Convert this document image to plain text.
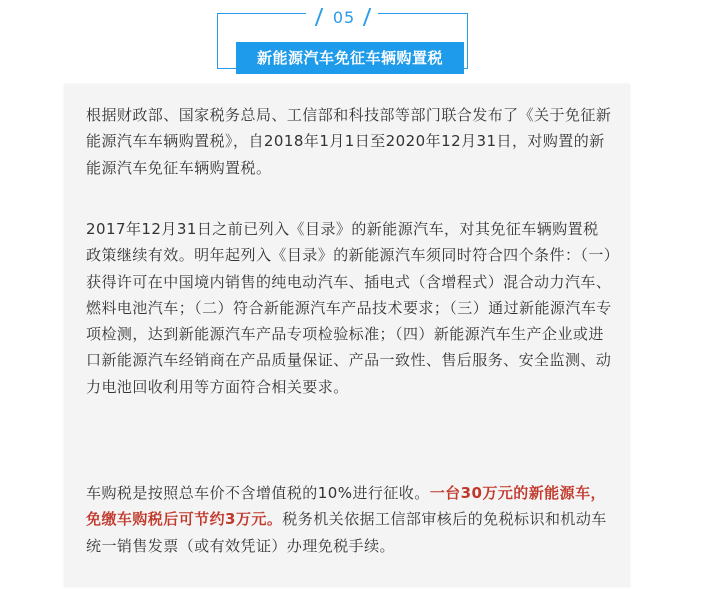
05
新能源汽车免征车辆购置税

根据财政部、国家税务总局、工信部和科技部等部门联合发布了《关于免征新能源汽车车辆购置税》，自2018年1月1日至2020年12月31日，对购置的新能源汽车免征车辆购置税。

2017年12月31日之前已列入《目录》的新能源汽车，对其免征车辆购置税政策继续有效。明年起列入《目录》的新能源汽车须同时符合四个条件：（一）获得许可在中国境内销售的纯电动汽车、插电式（含增程式）混合动力汽车、燃料电池汽车；（二）符合新能源汽车产品技术要求；（三）通过新能源汽车专项检测，达到新能源汽车产品专项检验标准；（四）新能源汽车生产企业或进口新能源汽车经销商在产品质量保证、产品一致性、售后服务、安全监测、动力电池回收利用等方面符合相关要求。

车购税是按照总车价不含增值税的10%进行征收。一台30万元的新能源车，免缴车购税后可节约3万元。税务机关依据工信部审核后的免税标识和机动车统一销售发票（或有效凭证）办理免税手续。
